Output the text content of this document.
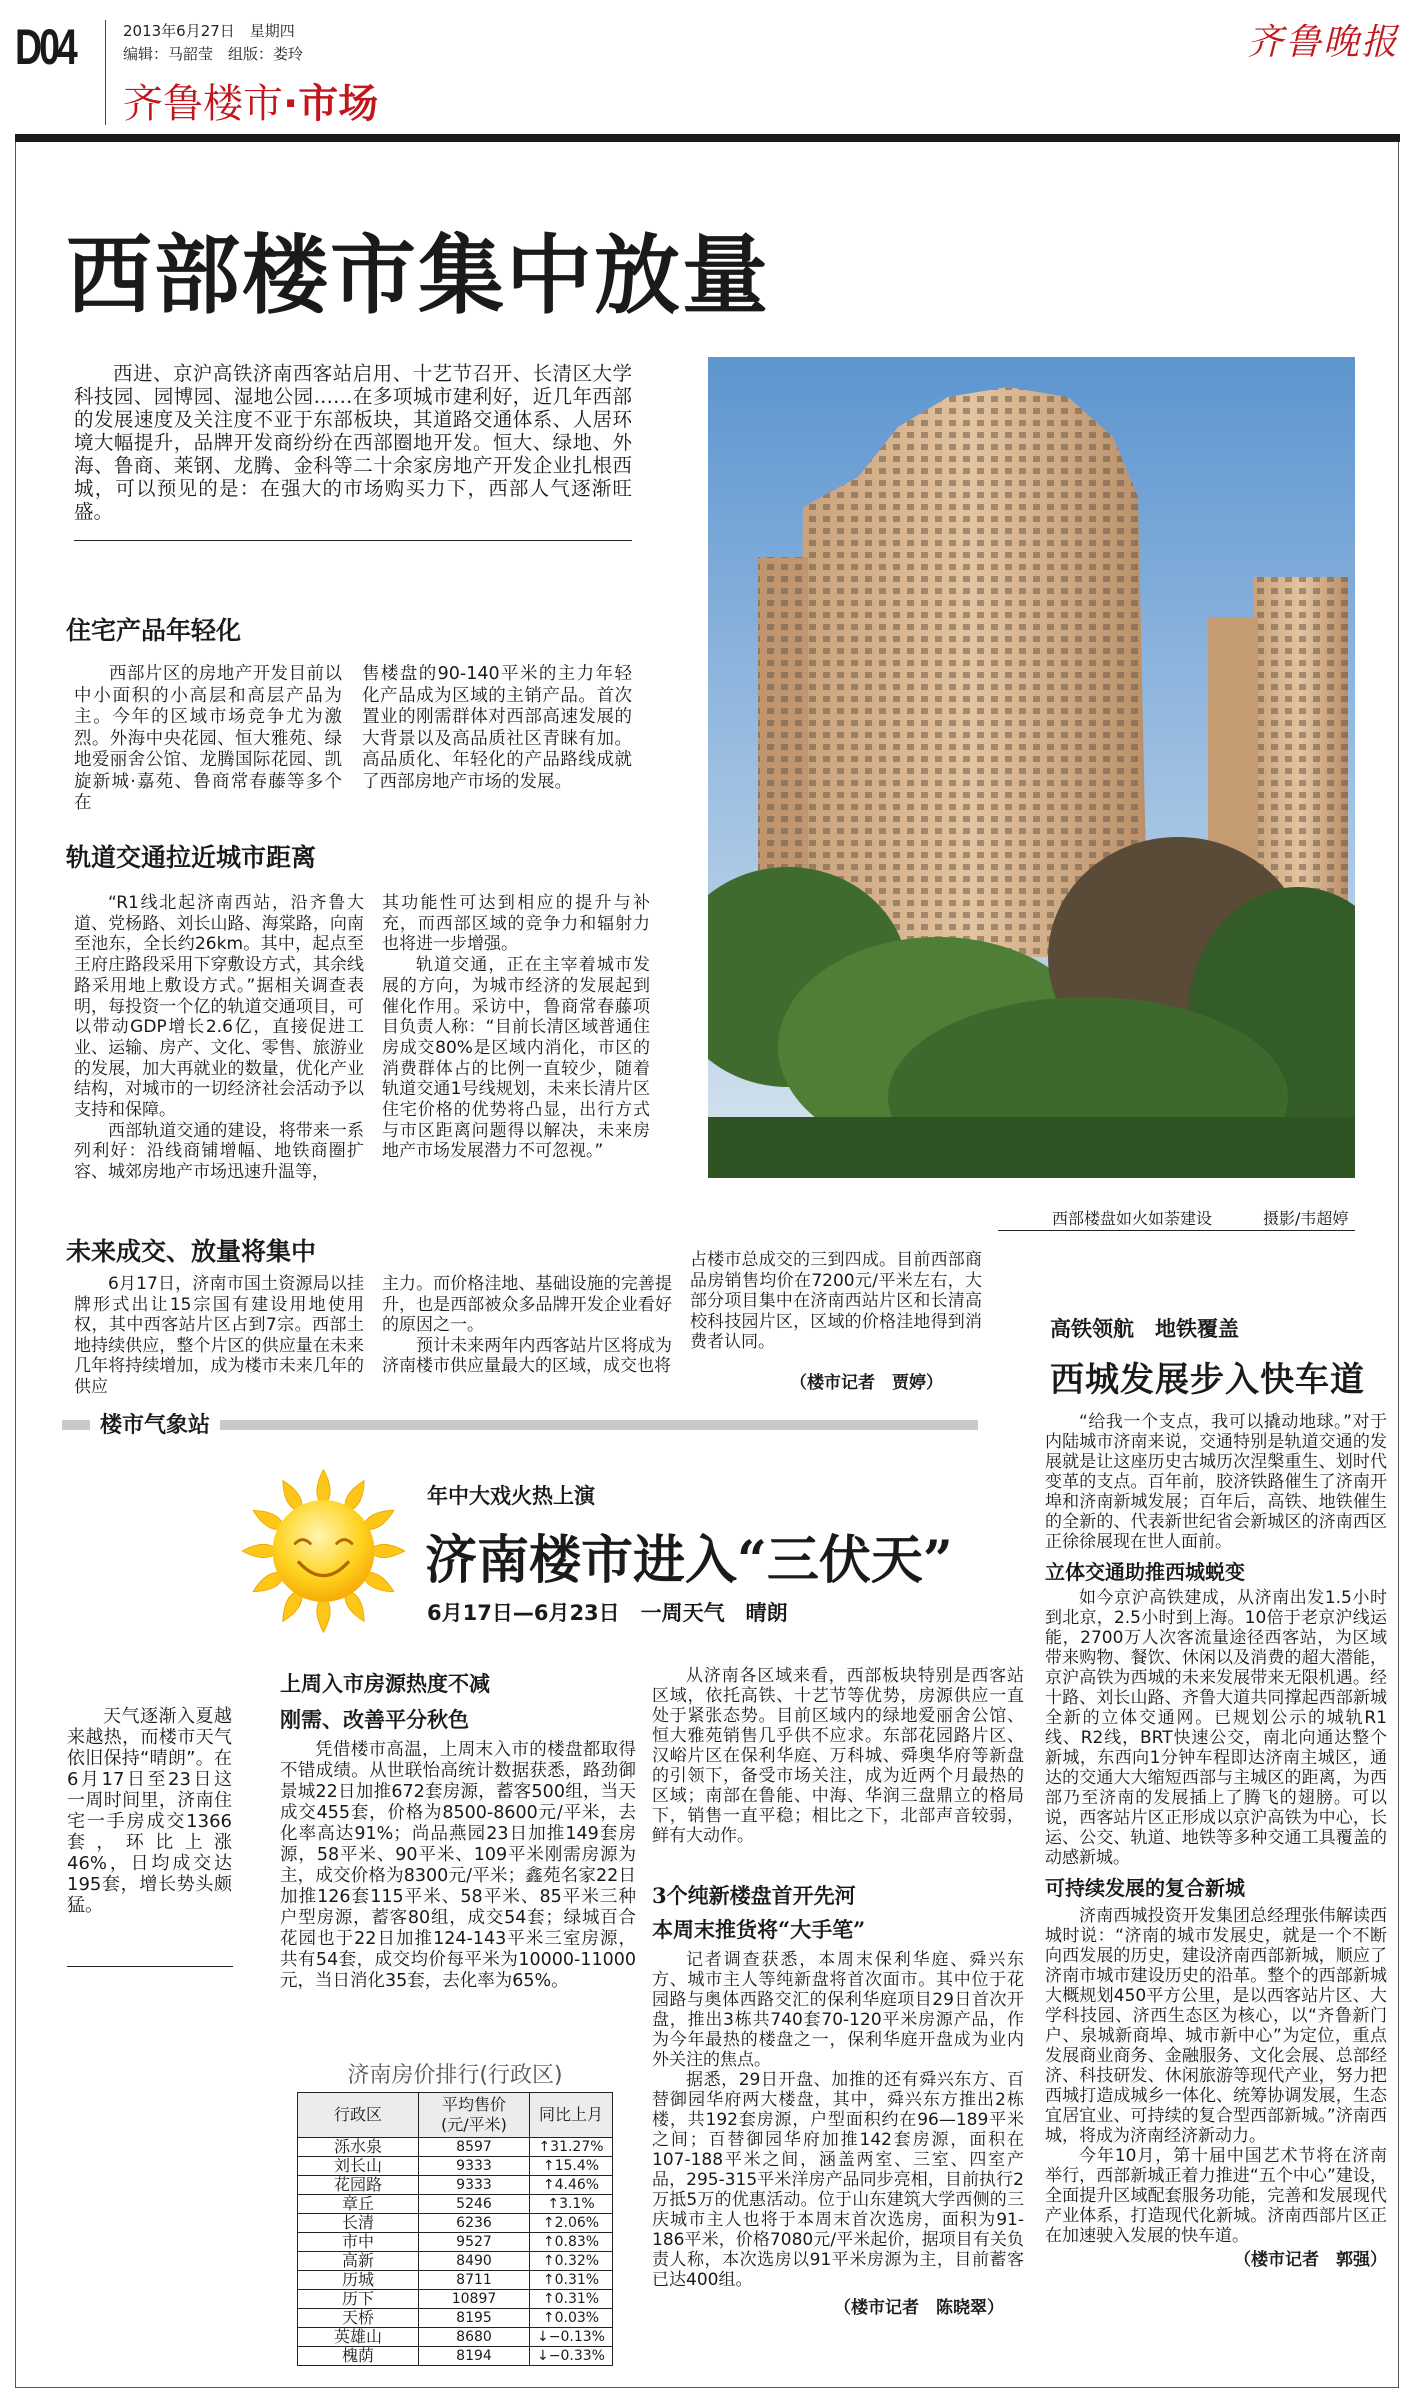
D04	2013年6月27日　星期四
编辑：马韶莹　组版：娄玲
齐鲁楼市·市场
齐鲁晚报
西部楼市集中放量

西进、京沪高铁济南西客站启用、十艺节召开、长清区大学科技园、园博园、湿地公园……在多项城市建利好，近几年西部的发展速度及关注度不亚于东部板块，其道路交通体系、人居环境大幅提升，品牌开发商纷纷在西部圈地开发。恒大、绿地、外海、鲁商、莱钢、龙腾、金科等二十余家房地产开发企业扎根西城，可以预见的是：在强大的市场购买力下，西部人气逐渐旺盛。

西部楼盘如火如荼建设	摄影/韦超婷
住宅产品年轻化

西部片区的房地产开发目前以中小面积的小高层和高层产品为主。今年的区域市场竞争尤为激烈。外海中央花园、恒大雅苑、绿地爱丽舍公馆、龙腾国际花园、凯旋新城·嘉苑、鲁商常春藤等多个在

售楼盘的90-140平米的主力年轻化产品成为区域的主销产品。首次置业的刚需群体对西部高速发展的大背景以及高品质社区青睐有加。高品质化、年轻化的产品路线成就了西部房地产市场的发展。

轨道交通拉近城市距离

“R1线北起济南西站，沿齐鲁大道、党杨路、刘长山路、海棠路，向南至池东，全长约26km。其中，起点至王府庄路段采用下穿敷设方式，其余线路采用地上敷设方式。”据相关调查表明，每投资一个亿的轨道交通项目，可以带动GDP增长2.6亿，直接促进工业、运输、房产、文化、零售、旅游业的发展，加大再就业的数量，优化产业结构，对城市的一切经济社会活动予以支持和保障。

西部轨道交通的建设，将带来一系列利好：沿线商铺增幅、地铁商圈扩容、城郊房地产市场迅速升温等，

其功能性可达到相应的提升与补充，而西部区域的竞争力和辐射力也将进一步增强。

轨道交通，正在主宰着城市发展的方向，为城市经济的发展起到催化作用。采访中，鲁商常春藤项目负责人称：“目前长清区域普通住房成交80%是区域内消化，市区的消费群体占的比例一直较少，随着轨道交通1号线规划，未来长清片区住宅价格的优势将凸显，出行方式与市区距离问题得以解决，未来房地产市场发展潜力不可忽视。”

未来成交、放量将集中

6月17日，济南市国土资源局以挂牌形式出让15宗国有建设用地使用权，其中西客站片区占到7宗。西部土地持续供应，整个片区的供应量在未来几年将持续增加，成为楼市未来几年的供应

主力。而价格洼地、基础设施的完善提升，也是西部被众多品牌开发企业看好的原因之一。

预计未来两年内西客站片区将成为济南楼市供应量最大的区域，成交也将

占楼市总成交的三到四成。目前西部商品房销售均价在7200元/平米左右，大部分项目集中在济南西站片区和长清高校科技园片区，区域的价格洼地得到消费者认同。

（楼市记者　贾婷）
高铁领航　地铁覆盖
西城发展步入快车道

“给我一个支点，我可以撬动地球。”对于内陆城市济南来说，交通特别是轨道交通的发展就是让这座历史古城历次涅槃重生、划时代变革的支点。百年前，胶济铁路催生了济南开埠和济南新城发展；百年后，高铁、地铁催生的全新的、代表新世纪省会新城区的济南西区正徐徐展现在世人面前。

立体交通助推西城蜕变

如今京沪高铁建成，从济南出发1.5小时到北京，2.5小时到上海。10倍于老京沪线运能，2700万人次客流量途径西客站，为区域带来购物、餐饮、休闲以及消费的超大潜能，京沪高铁为西城的未来发展带来无限机遇。经十路、刘长山路、齐鲁大道共同撑起西部新城全新的立体交通网。已规划公示的城轨R1线、R2线，BRT快速公交，南北向通达整个新城，东西向1分钟车程即达济南主城区，通达的交通大大缩短西部与主城区的距离，为西部乃至济南的发展插上了腾飞的翅膀。可以说，西客站片区正形成以京沪高铁为中心，长运、公交、轨道、地铁等多种交通工具覆盖的动感新城。

可持续发展的复合新城

济南西城投资开发集团总经理张伟解读西城时说：“济南的城市发展史，就是一个不断向西发展的历史，建设济南西部新城，顺应了济南市城市建设历史的沿革。整个的西部新城大概规划450平方公里，是以西客站片区、大学科技园、济西生态区为核心，以“齐鲁新门户、泉城新商埠、城市新中心”为定位，重点发展商业商务、金融服务、文化会展、总部经济、科技研发、休闲旅游等现代产业，努力把西城打造成城乡一体化、统筹协调发展，生态宜居宜业、可持续的复合型西部新城。”济南西城，将成为济南经济新动力。

今年10月，第十届中国艺术节将在济南举行，西部新城正着力推进“五个中心”建设，全面提升区域配套服务功能，完善和发展现代产业体系，打造现代化新城。济南西部片区正在加速驶入发展的快车道。

（楼市记者　郭强）

楼市气象站
年中大戏火热上演
济南楼市进入“三伏天”
6月17日—6月23日　一周天气　晴朗

天气逐渐入夏越来越热，而楼市天气依旧保持“晴朗”。在6月17日至23日这一周时间里，济南住宅一手房成交1366套，环比上涨46%，日均成交达195套，增长势头颇猛。

上周入市房源热度不减
刚需、改善平分秋色

凭借楼市高温，上周末入市的楼盘都取得不错成绩。从世联怡高统计数据获悉，路劲御景城22日加推672套房源，蓄客500组，当天成交455套，价格为8500-8600元/平米，去化率高达91%；尚品燕园23日加推149套房源，58平米、90平米、109平米刚需房源为主，成交价格为8300元/平米；鑫苑名家22日加推126套115平米、58平米、85平米三种户型房源，蓄客80组，成交54套；绿城百合花园也于22日加推124-143平米三室房源，共有54套，成交均价每平米为10000-11000元，当日消化35套，去化率为65%。

济南房价排行(行政区)
行政区	平均售价
(元/平米)	同比上月
泺水泉	8597	↑31.27%
刘长山	9333	↑15.4%
花园路	9333	↑4.46%
章丘	5246	↑3.1%
长清	6236	↑2.06%
市中	9527	↑0.83%
高新	8490	↑0.32%
历城	8711	↑0.31%
历下	10897	↑0.31%
天桥	8195	↑0.03%
英雄山	8680	↓−0.13%
槐荫	8194	↓−0.33%

从济南各区域来看，西部板块特别是西客站区域，依托高铁、十艺节等优势，房源供应一直处于紧张态势。目前区域内的绿地爱丽舍公馆、恒大雅苑销售几乎供不应求。东部花园路片区、汉峪片区在保利华庭、万科城、舜奥华府等新盘的引领下，备受市场关注，成为近两个月最热的区域；南部在鲁能、中海、华润三盘鼎立的格局下，销售一直平稳；相比之下，北部声音较弱，鲜有大动作。

3个纯新楼盘首开先河
本周末推货将“大手笔”

记者调查获悉，本周末保利华庭、舜兴东方、城市主人等纯新盘将首次面市。其中位于花园路与奥体西路交汇的保利华庭项目29日首次开盘，推出3栋共740套70-120平米房源产品，作为今年最热的楼盘之一，保利华庭开盘成为业内外关注的焦点。

据悉，29日开盘、加推的还有舜兴东方、百替御园华府两大楼盘，其中，舜兴东方推出2栋楼，共192套房源，户型面积约在96—189平米之间；百替御园华府加推142套房源，面积在107-188平米之间，涵盖两室、三室、四室产品，295-315平米洋房产品同步亮相，目前执行2万抵5万的优惠活动。位于山东建筑大学西侧的三庆城市主人也将于本周末首次选房，面积为91-186平米，价格7080元/平米起价，据项目有关负责人称，本次选房以91平米房源为主，目前蓄客已达400组。

（楼市记者　陈晓翠）
